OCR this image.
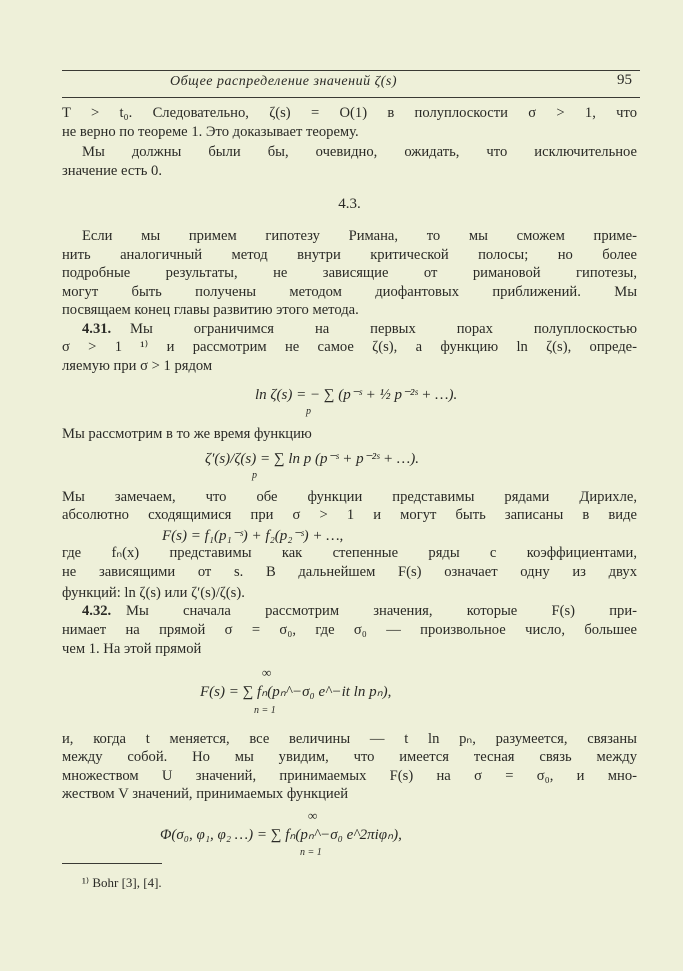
Общее распределение значений ζ(s)	95
T > t₀. Следовательно, ζ(s) = O(1) в полуплоскости σ > 1, что
не верно по теореме 1. Это доказывает теорему.
Мы должны были бы, очевидно, ожидать, что исключительное
значение есть 0.
4.3.
Если мы примем гипотезу Римана, то мы сможем приме-
нить аналогичный метод внутри критической полосы; но более
подробные результаты, не зависящие от римановой гипотезы,
могут быть получены методом диофантовых приближений. Мы
посвящаем конец главы развитию этого метода.
4.31.	Мы ограничимся на первых порах полуплоскостью
σ > 1 ¹⁾ и рассмотрим не самое ζ(s), а функцию ln ζ(s), опреде-
ляемую при σ > 1 рядом
ln ζ(s) = − ∑ (p⁻ˢ + ½ p⁻²ˢ + …).
p
Мы рассмотрим в то же время функцию
ζ′(s)/ζ(s) = ∑ ln p (p⁻ˢ + p⁻²ˢ + …).
p
Мы замечаем, что обе функции представимы рядами Дирихле,
абсолютно сходящимися при σ > 1 и могут быть записаны в виде
F(s) = f₁(p₁⁻ˢ) + f₂(p₂⁻ˢ) + …,
где fₙ(x) представимы как степенные ряды с коэффициентами,
не зависящими от s. В дальнейшем F(s) означает одну из двух
функций: ln ζ(s) или ζ′(s)/ζ(s).
4.32.	Мы сначала рассмотрим значения, которые F(s) при-
нимает на прямой σ = σ₀, где σ₀ — произвольное число, большее
чем 1. На этой прямой
∞
F(s) = ∑ fₙ(pₙ^−σ₀ e^−it ln pₙ),
n = 1
и, когда t меняется, все величины — t ln pₙ, разумеется, связаны
между собой. Но мы увидим, что имеется тесная связь между
множеством U значений, принимаемых F(s) на σ = σ₀, и мно-
жеством V значений, принимаемых функцией
∞
Φ(σ₀, φ₁, φ₂ …) = ∑ fₙ(pₙ^−σ₀ e^2πiφₙ),
n = 1
¹⁾ Bohr [3], [4].
